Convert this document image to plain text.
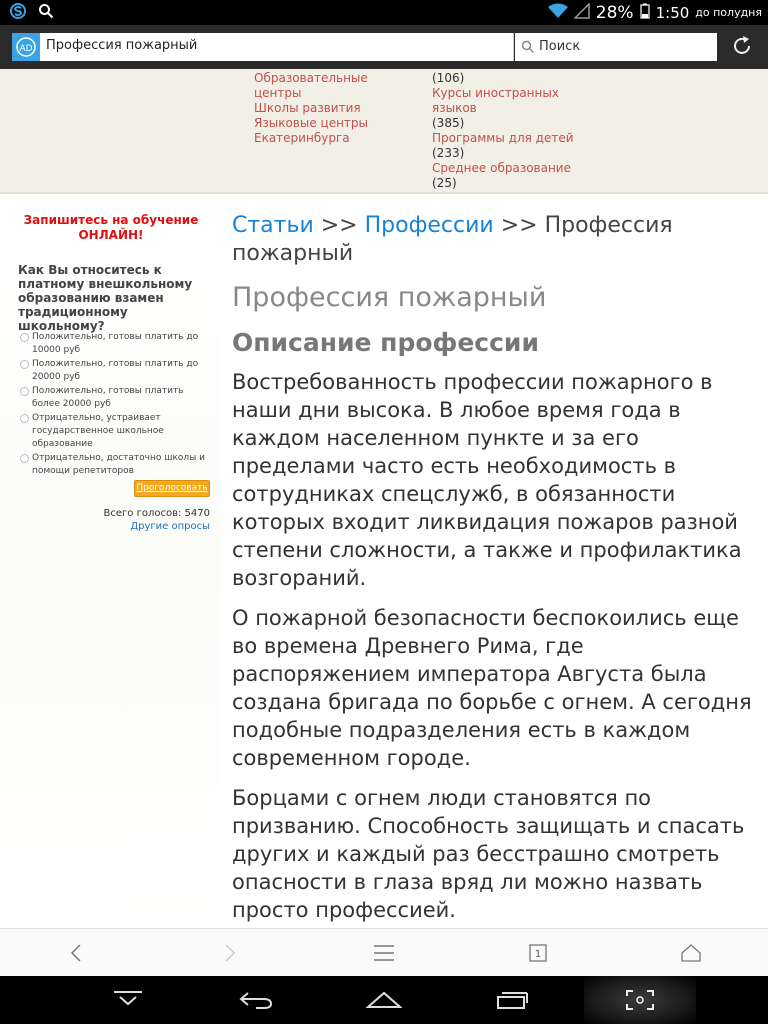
28% 1:50 до полудня
AD Профессия пожарный	Поиск
Образовательные центры
Школы развития
Языковые центры Екатеринбурга
(106)
Курсы иностранных языков
(385)
Программы для детей
(233)
Среднее образование
(25)
Запишитесь на обучение ОНЛАЙН!
Как Вы относитесь к платному внешкольному образованию взамен традиционному школьному?
Положительно, готовы платить до 10000 руб
Положительно, готовы платить до 20000 руб
Положительно, готовы платить более 20000 руб
Отрицательно, устраивает государственное школьное образование
Отрицательно, достаточно школы и помощи репетиторов
Проголосовать
Всего голосов: 5470
Другие опросы
Статьи >> Профессии >> Профессия пожарный
Профессия пожарный
Описание профессии

Востребованность профессии пожарного в наши дни высока. В любое время года в каждом населенном пункте и за его пределами часто есть необходимость в сотрудниках спецслужб, в обязанности которых входит ликвидация пожаров разной степени сложности, а также и профилактика возгораний.

О пожарной безопасности беспокоились еще во времена Древнего Рима, где распоряжением императора Августа была создана бригада по борьбе с огнем. А сегодня подобные подразделения есть в каждом современном городе.

Борцами с огнем люди становятся по призванию. Способность защищать и спасать других и каждый раз бесстрашно смотреть опасности в глаза вряд ли можно назвать просто профессией.

1
